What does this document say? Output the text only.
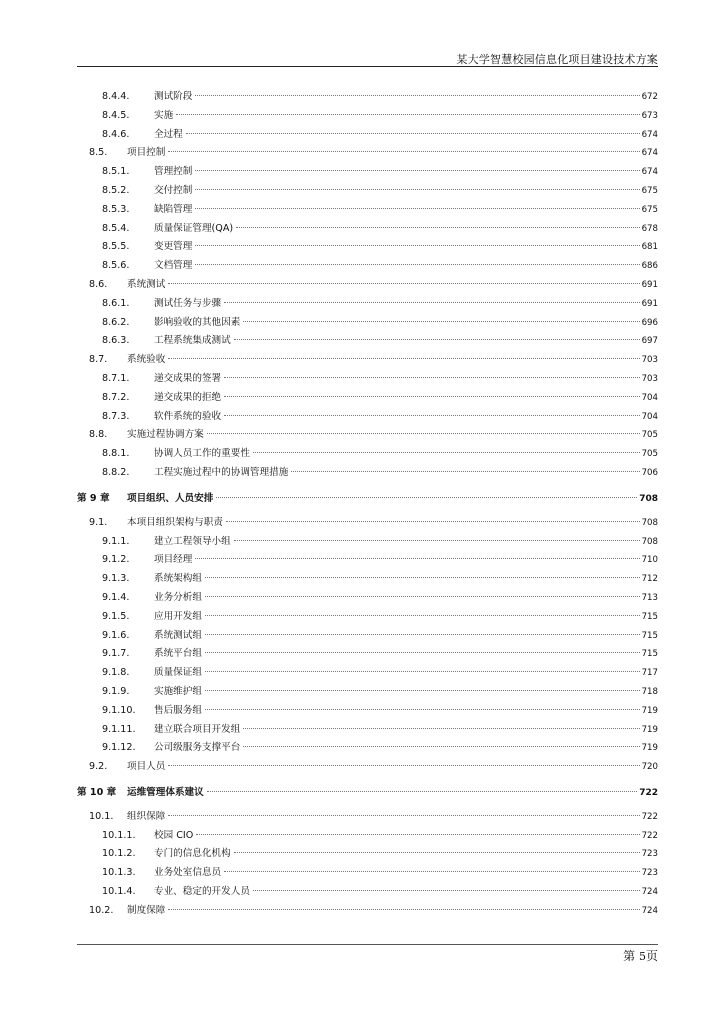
某大学智慧校园信息化项目建设技术方案
8.4.4.	测试阶段	672
8.4.5.	实施	673
8.4.6.	全过程	674
8.5.	项目控制	674
8.5.1.	管理控制	674
8.5.2.	交付控制	675
8.5.3.	缺陷管理	675
8.5.4.	质量保证管理(QA)	678
8.5.5.	变更管理	681
8.5.6.	文档管理	686
8.6.	系统测试	691
8.6.1.	测试任务与步骤	691
8.6.2.	影响验收的其他因素	696
8.6.3.	工程系统集成测试	697
8.7.	系统验收	703
8.7.1.	递交成果的签署	703
8.7.2.	递交成果的拒绝	704
8.7.3.	软件系统的验收	704
8.8.	实施过程协调方案	705
8.8.1.	协调人员工作的重要性	705
8.8.2.	工程实施过程中的协调管理措施	706
第 9 章	项目组织、人员安排	708
9.1.	本项目组织架构与职责	708
9.1.1.	建立工程领导小组	708
9.1.2.	项目经理	710
9.1.3.	系统架构组	712
9.1.4.	业务分析组	713
9.1.5.	应用开发组	715
9.1.6.	系统测试组	715
9.1.7.	系统平台组	715
9.1.8.	质量保证组	717
9.1.9.	实施维护组	718
9.1.10.	售后服务组	719
9.1.11.	建立联合项目开发组	719
9.1.12.	公司级服务支撑平台	719
9.2.	项目人员	720
第 10 章	运维管理体系建议	722
10.1.	组织保障	722
10.1.1.	校园 CIO	722
10.1.2.	专门的信息化机构	723
10.1.3.	业务处室信息员	723
10.1.4.	专业、稳定的开发人员	724
10.2.	制度保障	724
第 5页
